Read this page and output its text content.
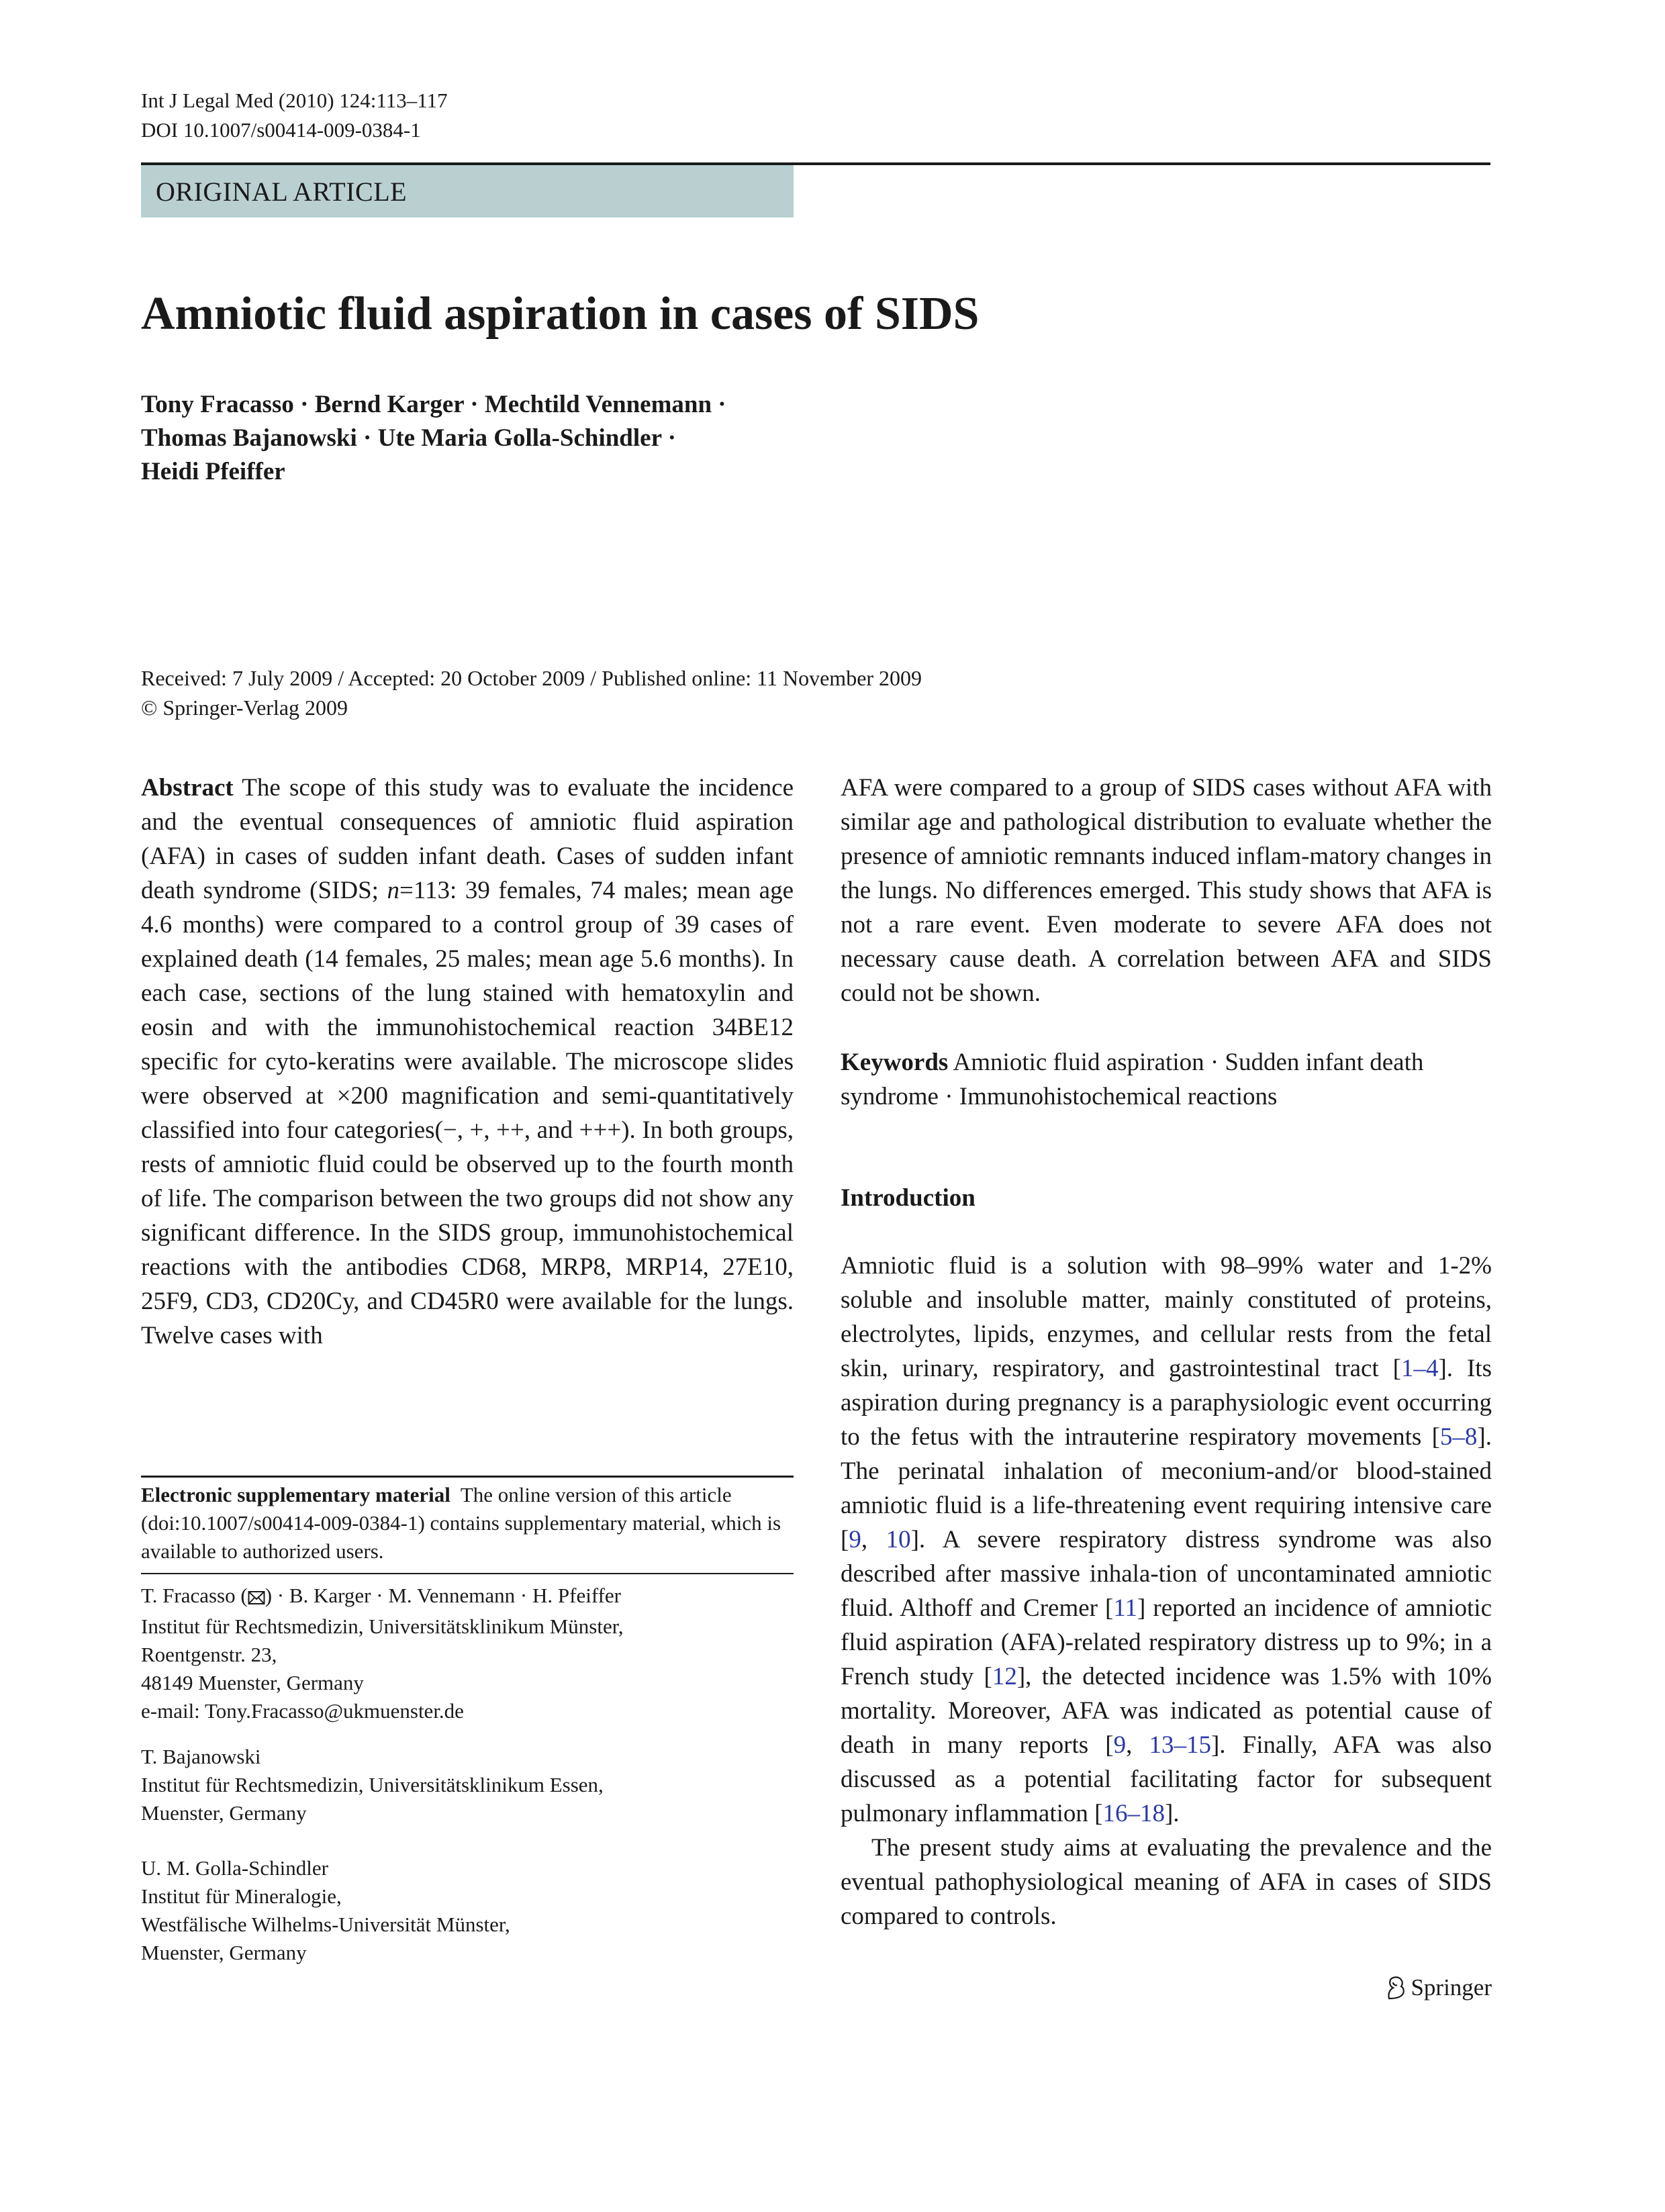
Int J Legal Med (2010) 124:113–117
DOI 10.1007/s00414-009-0384-1
ORIGINAL ARTICLE
Amniotic fluid aspiration in cases of SIDS
Tony Fracasso · Bernd Karger · Mechtild Vennemann ·
Thomas Bajanowski · Ute Maria Golla-Schindler ·
Heidi Pfeiffer
Received: 7 July 2009 / Accepted: 20 October 2009 / Published online: 11 November 2009
© Springer-Verlag 2009

Abstract The scope of this study was to evaluate the incidence and the eventual consequences of amniotic fluid aspiration (AFA) in cases of sudden infant death. Cases of sudden infant death syndrome (SIDS; n=113: 39 females, 74 males; mean age 4.6 months) were compared to a control group of 39 cases of explained death (14 females, 25 males; mean age 5.6 months). In each case, sections of the lung stained with hematoxylin and eosin and with the immunohistochemical reaction 34BE12 specific for cyto-keratins were available. The microscope slides were observed at ×200 magnification and semi-quantitatively classified into four categories(−, +, ++, and +++). In both groups, rests of amniotic fluid could be observed up to the fourth month of life. The comparison between the two groups did not show any significant difference. In the SIDS group, immunohistochemical reactions with the antibodies CD68, MRP8, MRP14, 27E10, 25F9, CD3, CD20Cy, and CD45R0 were available for the lungs. Twelve cases with

AFA were compared to a group of SIDS cases without AFA with similar age and pathological distribution to evaluate whether the presence of amniotic remnants induced inflam-matory changes in the lungs. No differences emerged. This study shows that AFA is not a rare event. Even moderate to severe AFA does not necessary cause death. A correlation between AFA and SIDS could not be shown.

Keywords Amniotic fluid aspiration · Sudden infant death syndrome · Immunohistochemical reactions

Introduction

Amniotic fluid is a solution with 98–99% water and 1-2% soluble and insoluble matter, mainly constituted of proteins, electrolytes, lipids, enzymes, and cellular rests from the fetal skin, urinary, respiratory, and gastrointestinal tract [1–4]. Its aspiration during pregnancy is a paraphysiologic event occurring to the fetus with the intrauterine respiratory movements [5–8]. The perinatal inhalation of meconium-and/or blood-stained amniotic fluid is a life-threatening event requiring intensive care [9, 10]. A severe respiratory distress syndrome was also described after massive inhala-tion of uncontaminated amniotic fluid. Althoff and Cremer [11] reported an incidence of amniotic fluid aspiration (AFA)-related respiratory distress up to 9%; in a French study [12], the detected incidence was 1.5% with 10% mortality. Moreover, AFA was indicated as potential cause of death in many reports [9, 13–15]. Finally, AFA was also discussed as a potential facilitating factor for subsequent pulmonary inflammation [16–18].

The present study aims at evaluating the prevalence and the eventual pathophysiological meaning of AFA in cases of SIDS compared to controls.

Electronic supplementary material The online version of this article (doi:10.1007/s00414-009-0384-1) contains supplementary material, which is available to authorized users.
T. Fracasso ( ) · B. Karger · M. Vennemann · H. Pfeiffer
Institut für Rechtsmedizin, Universitätsklinikum Münster,
Roentgenstr. 23,
48149 Muenster, Germany
e-mail: Tony.Fracasso@ukmuenster.de
T. Bajanowski
Institut für Rechtsmedizin, Universitätsklinikum Essen,
Muenster, Germany
U. M. Golla-Schindler
Institut für Mineralogie,
Westfälische Wilhelms-Universität Münster,
Muenster, Germany
Springer
